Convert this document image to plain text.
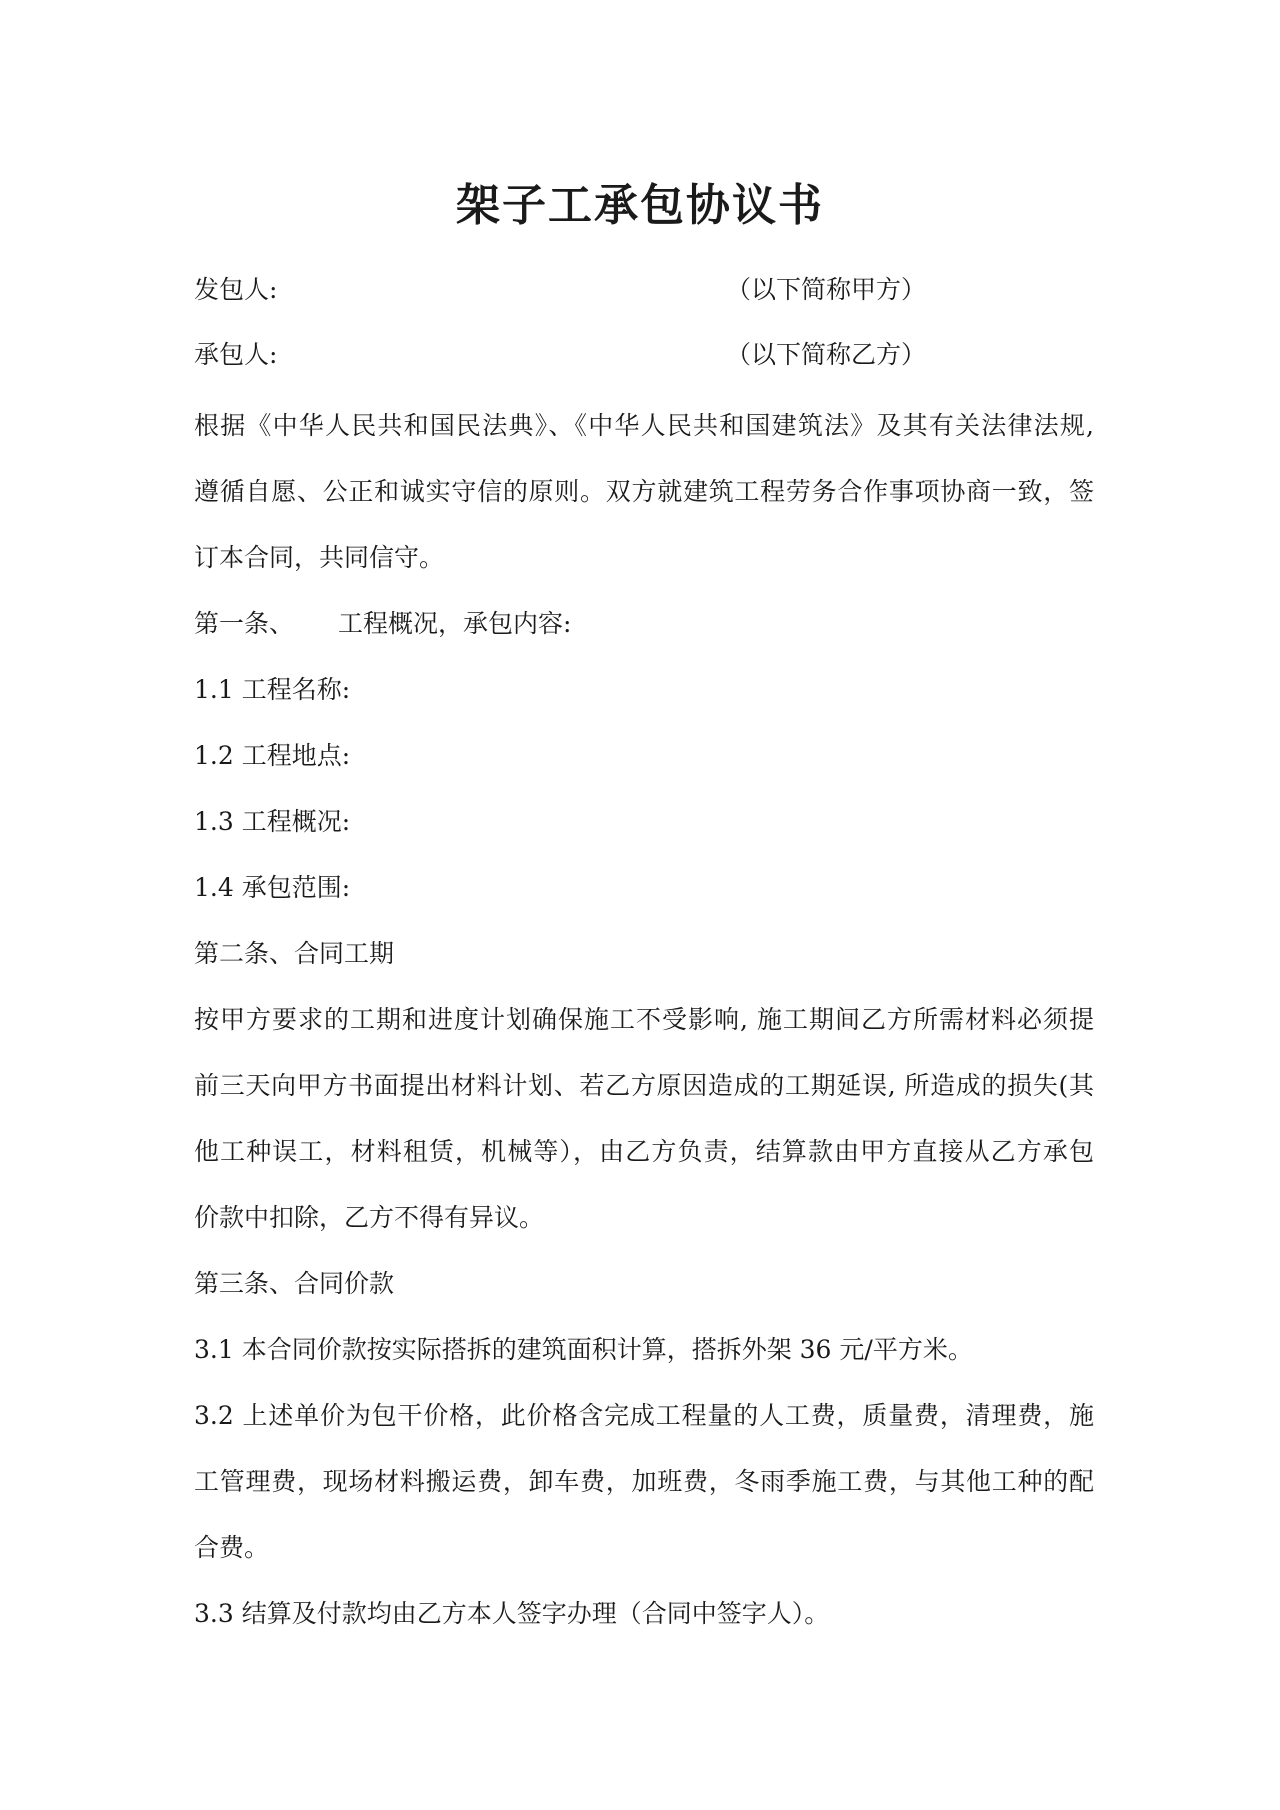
架子工承包协议书
发包人:	（以下简称甲方）
承包人:	（以下简称乙方）

根据《中华人民共和国民法典》、《中华人民共和国建筑法》及其有关法律法规,

遵循自愿、公正和诚实守信的原则。双方就建筑工程劳务合作事项协商一致，签

订本合同，共同信守。

第一条、 工程概况，承包内容:

1.1 工程名称:

1.2 工程地点:

1.3 工程概况:

1.4 承包范围:

第二条、合同工期

按甲方要求的工期和进度计划确保施工不受影响, 施工期间乙方所需材料必须提

前三天向甲方书面提出材料计划、若乙方原因造成的工期延误, 所造成的损失(其

他工种误工，材料租赁，机械等），由乙方负责，结算款由甲方直接从乙方承包

价款中扣除，乙方不得有异议。

第三条、合同价款

3.1 本合同价款按实际搭拆的建筑面积计算，搭拆外架 36 元/平方米。

3.2 上述单价为包干价格，此价格含完成工程量的人工费，质量费，清理费，施

工管理费，现场材料搬运费，卸车费，加班费，冬雨季施工费，与其他工种的配

合费。

3.3 结算及付款均由乙方本人签字办理（合同中签字人）。
